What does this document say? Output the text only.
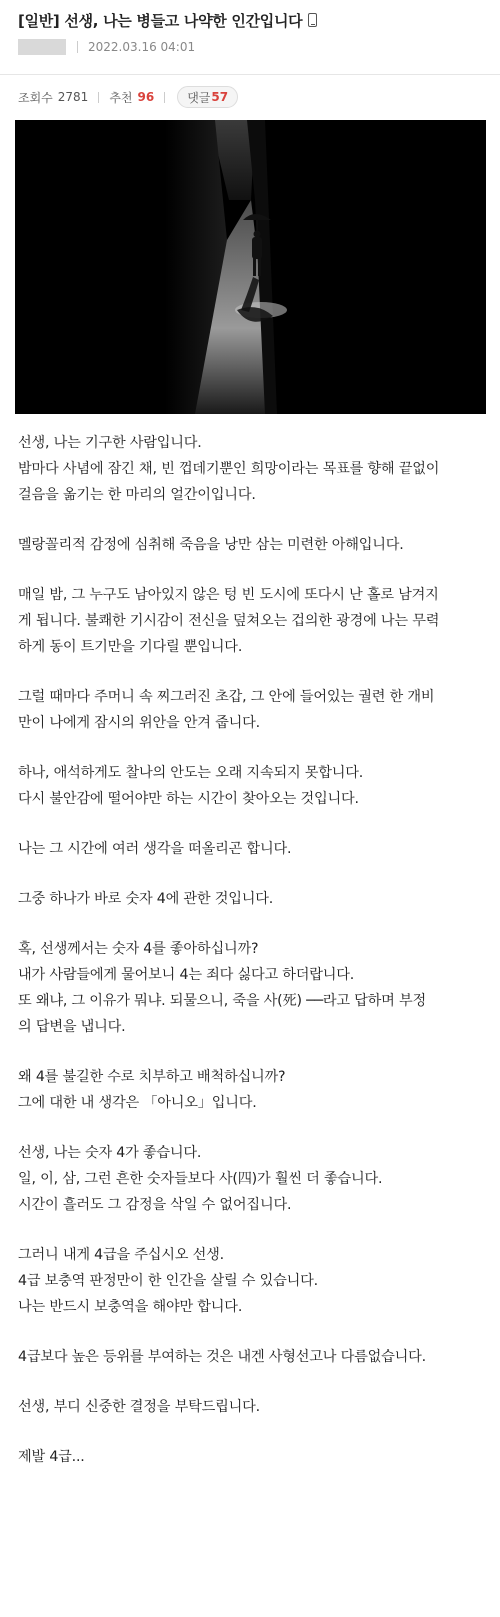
[일반] 선생, 나는 병들고 나약한 인간입니다
2022.03.16 04:01
조회수 2781 추천 96	댓글 57
선생, 나는 기구한 사람입니다.
밤마다 사념에 잠긴 채, 빈 껍데기뿐인 희망이라는 목표를 향해 끝없이
걸음을 옮기는 한 마리의 얼간이입니다.
멜랑꼴리적 감정에 심취해 죽음을 낭만 삼는 미련한 아해입니다.
매일 밤, 그 누구도 남아있지 않은 텅 빈 도시에 또다시 난 홀로 남겨지
게 됩니다. 불쾌한 기시감이 전신을 덮쳐오는 겁의한 광경에 나는 무력
하게 동이 트기만을 기다릴 뿐입니다.
그럴 때마다 주머니 속 찌그러진 초갑, 그 안에 들어있는 궐련 한 개비
만이 나에게 잠시의 위안을 안겨 줍니다.
하나, 애석하게도 찰나의 안도는 오래 지속되지 못합니다.
다시 불안감에 떨어야만 하는 시간이 찾아오는 것입니다.
나는 그 시간에 여러 생각을 떠올리곤 합니다.
그중 하나가 바로 숫자 4에 관한 것입니다.
혹, 선생께서는 숫자 4를 좋아하십니까?
내가 사람들에게 물어보니 4는 죄다 싫다고 하더랍니다.
또 왜냐, 그 이유가 뭐냐. 되물으니, 죽을 사(死) ──라고 답하며 부정
의 답변을 냅니다.
왜 4를 불길한 수로 치부하고 배척하십니까?
그에 대한 내 생각은 「아니오」입니다.
선생, 나는 숫자 4가 좋습니다.
일, 이, 삼, 그런 흔한 숫자들보다 사(四)가 훨씬 더 좋습니다.
시간이 흘러도 그 감정을 삭일 수 없어집니다.
그러니 내게 4급을 주십시오 선생.
4급 보충역 판정만이 한 인간을 살릴 수 있습니다.
나는 반드시 보충역을 해야만 합니다.
4급보다 높은 등위를 부여하는 것은 내겐 사형선고나 다름없습니다.
선생, 부디 신중한 결정을 부탁드립니다.
제발 4급...
